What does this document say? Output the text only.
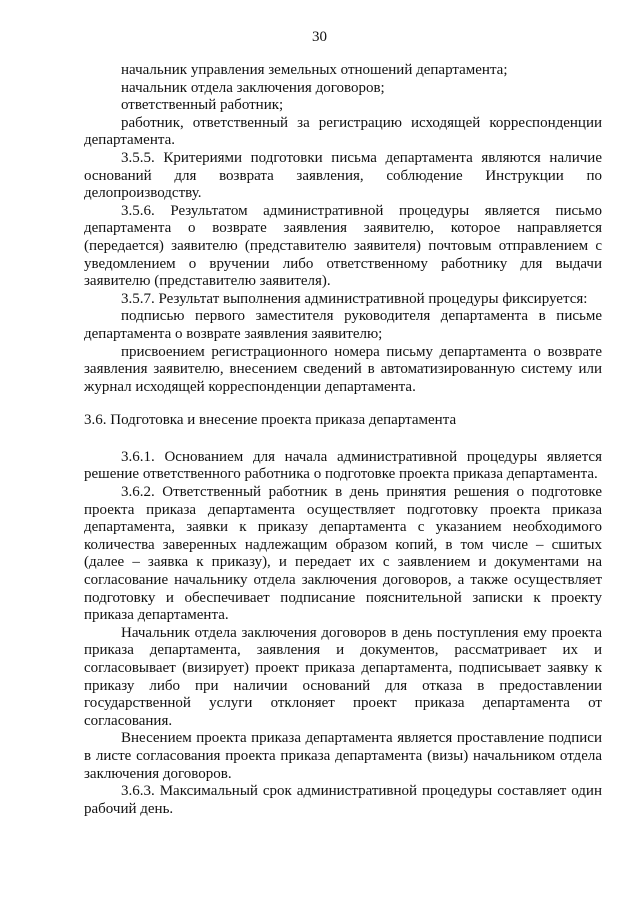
30

начальник управления земельных отношений департамента;

начальник отдела заключения договоров;

ответственный работник;

работник, ответственный за регистрацию исходящей корреспонденции департамента.

3.5.5. Критериями подготовки письма департамента являются наличие оснований для возврата заявления, соблюдение Инструкции по делопроизводству.

3.5.6. Результатом административной процедуры является письмо департамента о возврате заявления заявителю, которое направляется (передается) заявителю (представителю заявителя) почтовым отправлением с уведомлением о вручении либо ответственному работнику для выдачи заявителю (представителю заявителя).

3.5.7. Результат выполнения административной процедуры фиксируется:

подписью первого заместителя руководителя департамента в письме департамента о возврате заявления заявителю;

присвоением регистрационного номера письму департамента о возврате заявления заявителю, внесением сведений в автоматизированную систему или журнал исходящей корреспонденции департамента.

3.6. Подготовка и внесение проекта приказа департамента

3.6.1. Основанием для начала административной процедуры является решение ответственного работника о подготовке проекта приказа департамента.

3.6.2. Ответственный работник в день принятия решения о подготовке проекта приказа департамента осуществляет подготовку проекта приказа департамента, заявки к приказу департамента с указанием необходимого количества заверенных надлежащим образом копий, в том числе – сшитых (далее – заявка к приказу), и передает их с заявлением и документами на согласование начальнику отдела заключения договоров, а также осуществляет подготовку и обеспечивает подписание пояснительной записки к проекту приказа департамента.

Начальник отдела заключения договоров в день поступления ему проекта приказа департамента, заявления и документов, рассматривает их и согласовывает (визирует) проект приказа департамента, подписывает заявку к приказу либо при наличии оснований для отказа в предоставлении государственной услуги отклоняет проект приказа департамента от согласования.

Внесением проекта приказа департамента является проставление подписи в листе согласования проекта приказа департамента (визы) начальником отдела заключения договоров.

3.6.3. Максимальный срок административной процедуры составляет один рабочий день.
